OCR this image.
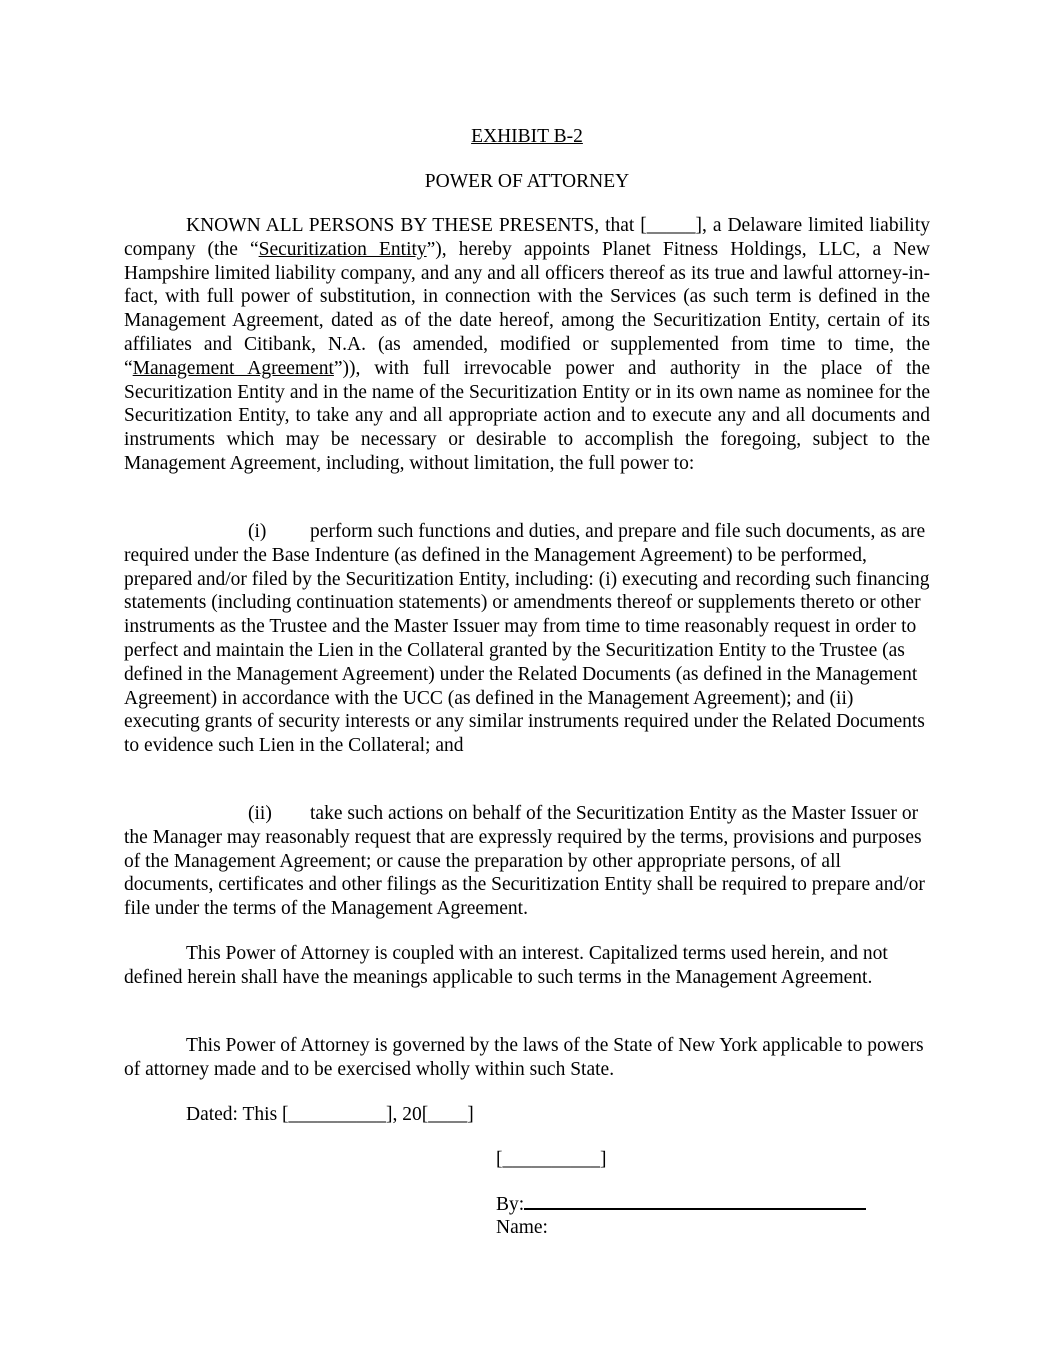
EXHIBIT B-2
POWER OF ATTORNEY

KNOWN ALL PERSONS BY THESE PRESENTS, that [_____], a Delaware limited liability company (the “Securitization Entity”), hereby appoints Planet Fitness Holdings, LLC, a New Hampshire limited liability company, and any and all officers thereof as its true and lawful attorney-in-fact, with full power of substitution, in connection with the Services (as such term is defined in the Management Agreement, dated as of the date hereof, among the Securitization Entity, certain of its affiliates and Citibank, N.A. (as amended, modified or supplemented from time to time, the “Management Agreement”)), with full irrevocable power and authority in the place of the Securitization Entity and in the name of the Securitization Entity or in its own name as nominee for the Securitization Entity, to take any and all appropriate action and to execute any and all documents and instruments which may be necessary or desirable to accomplish the foregoing, subject to the Management Agreement, including, without limitation, the full power to:

(i) perform such functions and duties, and prepare and file such documents, as are required under the Base Indenture (as defined in the Management Agreement) to be performed, prepared and/or filed by the Securitization Entity, including: (i) executing and recording such financing statements (including continuation statements) or amendments thereof or supplements thereto or other instruments as the Trustee and the Master Issuer may from time to time reasonably request in order to perfect and maintain the Lien in the Collateral granted by the Securitization Entity to the Trustee (as defined in the Management Agreement) under the Related Documents (as defined in the Management Agreement) in accordance with the UCC (as defined in the Management Agreement); and (ii) executing grants of security interests or any similar instruments required under the Related Documents to evidence such Lien in the Collateral; and

(ii) take such actions on behalf of the Securitization Entity as the Master Issuer or the Manager may reasonably request that are expressly required by the terms, provisions and purposes of the Management Agreement; or cause the preparation by other appropriate persons, of all documents, certificates and other filings as the Securitization Entity shall be required to prepare and/or file under the terms of the Management Agreement.

This Power of Attorney is coupled with an interest. Capitalized terms used herein, and not defined herein shall have the meanings applicable to such terms in the Management Agreement.

This Power of Attorney is governed by the laws of the State of New York applicable to powers of attorney made and to be exercised wholly within such State.

Dated: This [__________], 20[____]

[__________]
By:
Name:
